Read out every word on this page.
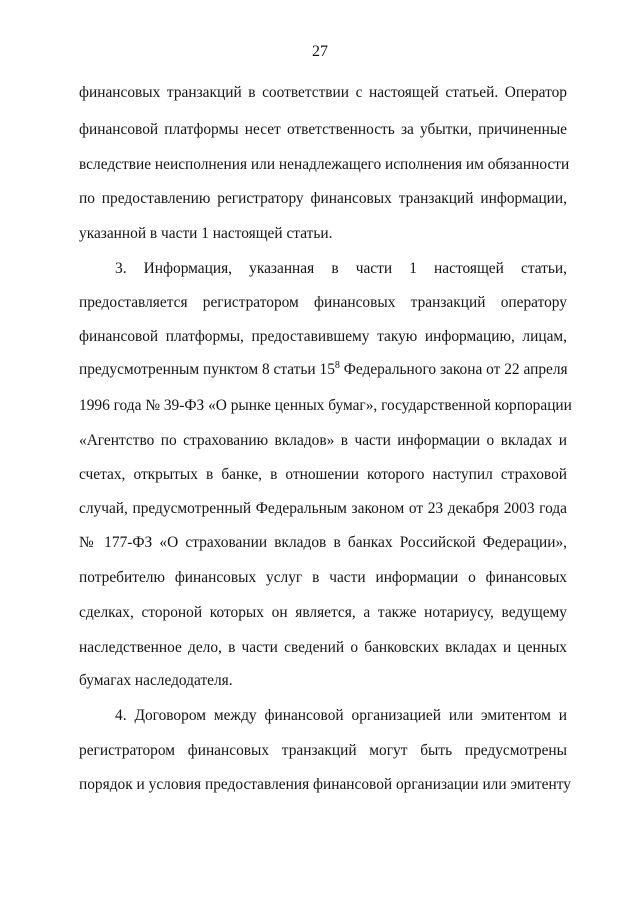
27
финансовых транзакций в соответствии с настоящей статьей. Оператор
финансовой платформы несет ответственность за убытки, причиненные
вследствие неисполнения или ненадлежащего исполнения им обязанности
по предоставлению регистратору финансовых транзакций информации,
указанной в части 1 настоящей статьи.
3. Информация, указанная в части 1 настоящей статьи,
предоставляется регистратором финансовых транзакций оператору
финансовой платформы, предоставившему такую информацию, лицам,
предусмотренным пунктом 8 статьи $15^8$ Федерального закона от 22 апреля
1996 года № 39-ФЗ «О рынке ценных бумаг», государственной корпорации
«Агентство по страхованию вкладов» в части информации о вкладах и
счетах, открытых в банке, в отношении которого наступил страховой
случай, предусмотренный Федеральным законом от 23 декабря 2003 года
№ 177-ФЗ «О страховании вкладов в банках Российской Федерации»,
потребителю финансовых услуг в части информации о финансовых
сделках, стороной которых он является, а также нотариусу, ведущему
наследственное дело, в части сведений о банковских вкладах и ценных
бумагах наследодателя.
4. Договором между финансовой организацией или эмитентом и
регистратором финансовых транзакций могут быть предусмотрены
порядок и условия предоставления финансовой организации или эмитенту
